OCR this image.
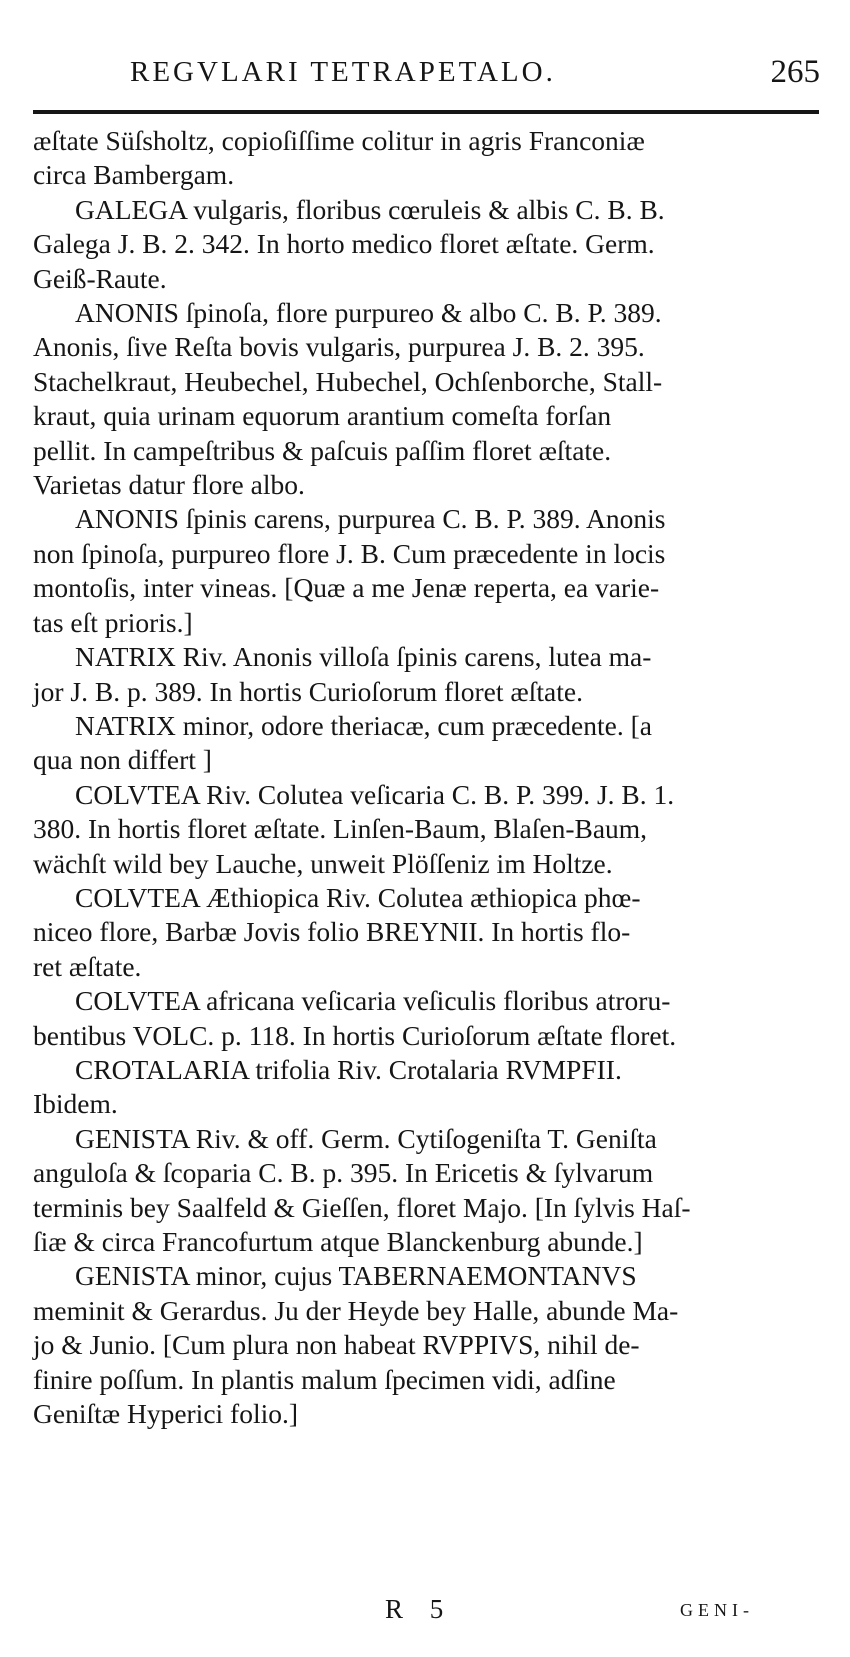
REGVLARI TETRAPETALO.	265
æſtate Süſsholtz, copioſiſſime colitur in agris Franconiæ
circa Bambergam.
GALEGA vulgaris, floribus cœruleis & albis C. B. B.
Galega J. B. 2. 342. In horto medico floret æſtate. Germ.
Geiß-Raute.
ANONIS ſpinoſa, flore purpureo & albo C. B. P. 389.
Anonis, ſive Reſta bovis vulgaris, purpurea J. B. 2. 395.
Stachelkraut, Heubechel, Hubechel, Ochſenborche, Stall-
kraut, quia urinam equorum arantium comeſta forſan
pellit. In campeſtribus & paſcuis paſſim floret æſtate.
Varietas datur flore albo.
ANONIS ſpinis carens, purpurea C. B. P. 389. Anonis
non ſpinoſa, purpureo flore J. B. Cum præcedente in locis
montoſis, inter vineas. [Quæ a me Jenæ reperta, ea varie-
tas eſt prioris.]
NATRIX Riv. Anonis villoſa ſpinis carens, lutea ma-
jor J. B. p. 389. In hortis Curioſorum floret æſtate.
NATRIX minor, odore theriacæ, cum præcedente. [a
qua non differt ]
COLVTEA Riv. Colutea veſicaria C. B. P. 399. J. B. 1.
380. In hortis floret æſtate. Linſen-Baum, Blaſen-Baum,
wächſt wild bey Lauche, unweit Plöſſeniz im Holtze.
COLVTEA Æthiopica Riv. Colutea æthiopica phœ-
niceo flore, Barbæ Jovis folio BREYNII. In hortis flo-
ret æſtate.
COLVTEA africana veſicaria veſiculis floribus atroru-
bentibus VOLC. p. 118. In hortis Curioſorum æſtate floret.
CROTALARIA trifolia Riv. Crotalaria RVMPFII.
Ibidem.
GENISTA Riv. & off. Germ. Cytiſogeniſta T. Geniſta
anguloſa & ſcoparia C. B. p. 395. In Ericetis & ſylvarum
terminis bey Saalfeld & Gieſſen, floret Majo. [In ſylvis Haſ-
ſiæ & circa Francofurtum atque Blanckenburg abunde.]
GENISTA minor, cujus TABERNAEMONTANVS
meminit & Gerardus. Ju der Heyde bey Halle, abunde Ma-
jo & Junio. [Cum plura non habeat RVPPIVS, nihil de-
finire poſſum. In plantis malum ſpecimen vidi, adſine
Geniſtæ Hyperici folio.]
R 5	GENI-
